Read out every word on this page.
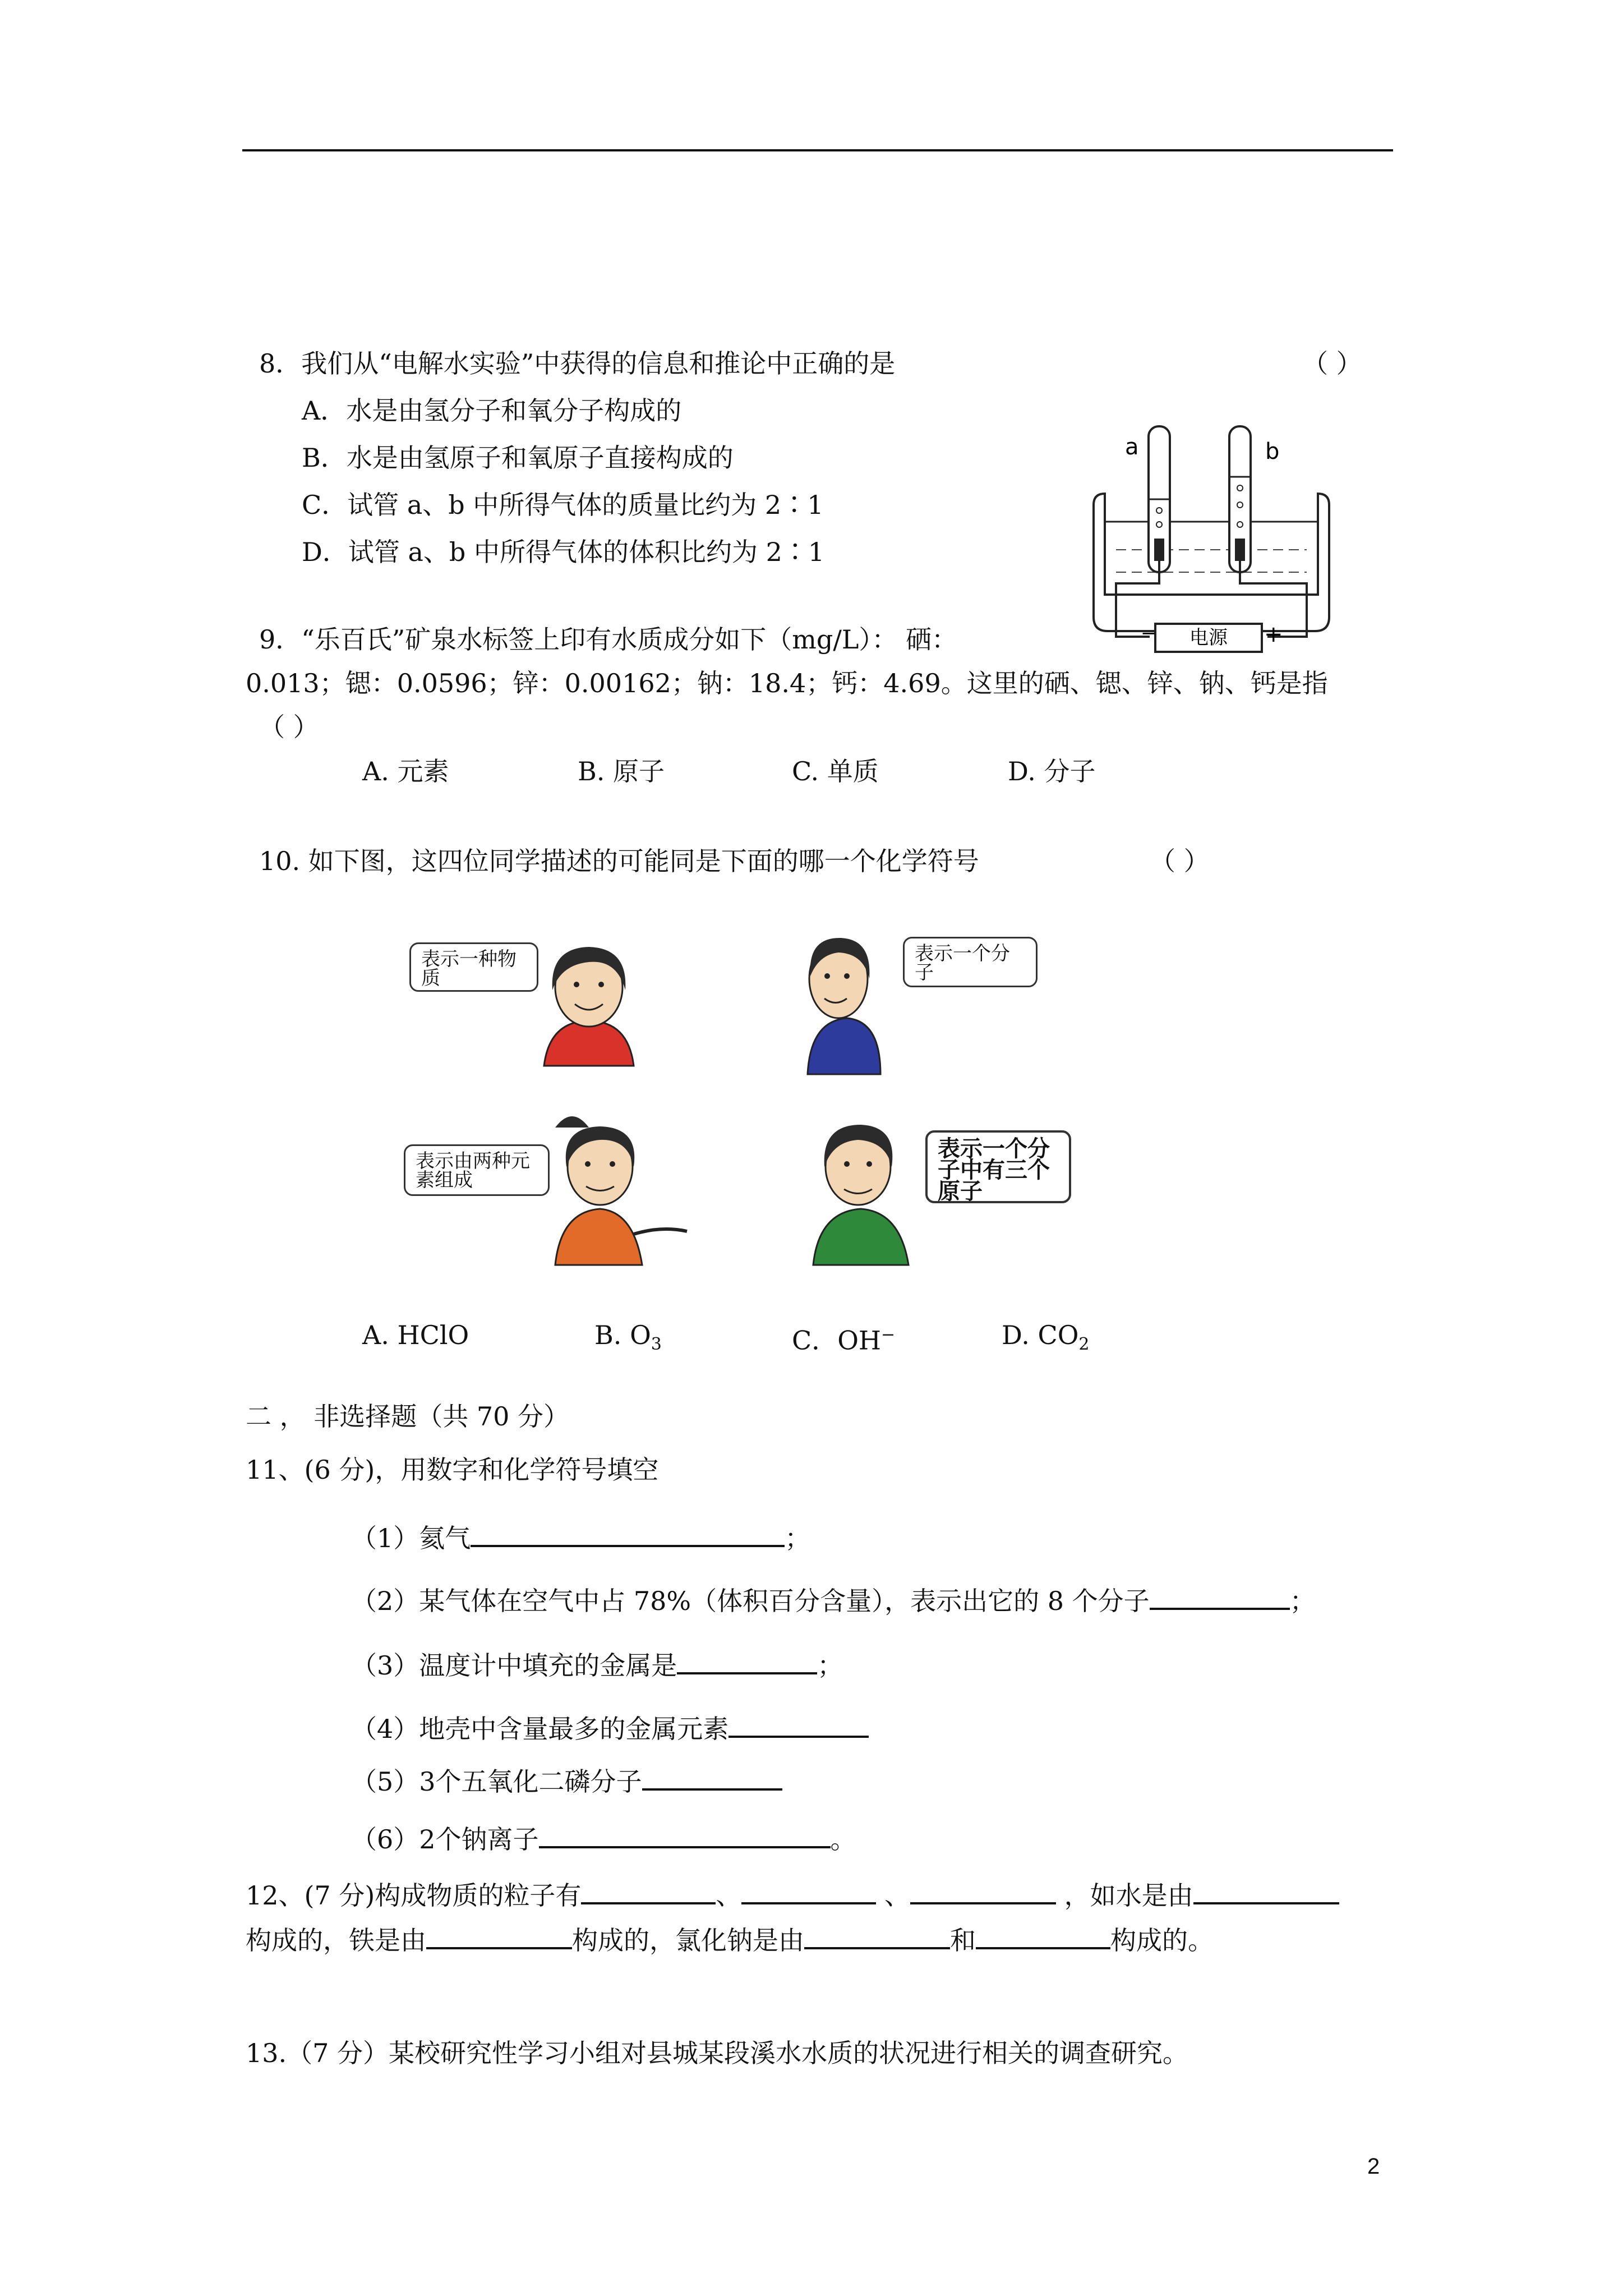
8．我们从“电解水实验”中获得的信息和推论中正确的是	（ ）
A．水是由氢分子和氧分子构成的
B．水是由氢原子和氧原子直接构成的
C．试管 a、b 中所得气体的质量比约为 2∶1
D．试管 a、b 中所得气体的体积比约为 2∶1
电源
−	+
a	b
9．“乐百氏”矿泉水标签上印有水质成分如下（mg/L）： 硒：
0.013；锶：0.0596；锌：0.00162；钠：18.4；钙：4.69。这里的硒、锶、锌、钠、钙是指
（ ）
A. 元素	B. 原子	C. 单质	D. 分子
10. 如下图，这四位同学描述的可能同是下面的哪一个化学符号	（ ）
表示一种物质
表示一个分子
表示由两种元素组成
表示一个分子中有三个原子
A. HClO	B. $O_3$	C．OH−	D. $CO_2$
二 ， 非选择题（共 70 分）
11、(6 分)，用数字和化学符号填空
（1）氦气	；
（2）某气体在空气中占 78%（体积百分含量），表示出它的 8 个分子	；
（3）温度计中填充的金属是	；
（4）地壳中含量最多的金属元素
（5）3个五氧化二磷分子
（6）2个钠离子	。
12、(7 分)构成物质的粒子有	、	、	，如水是由
构成的，铁是由	构成的，氯化钠是由	和	构成的。
13.（7 分）某校研究性学习小组对县城某段溪水水质的状况进行相关的调查研究。
2
